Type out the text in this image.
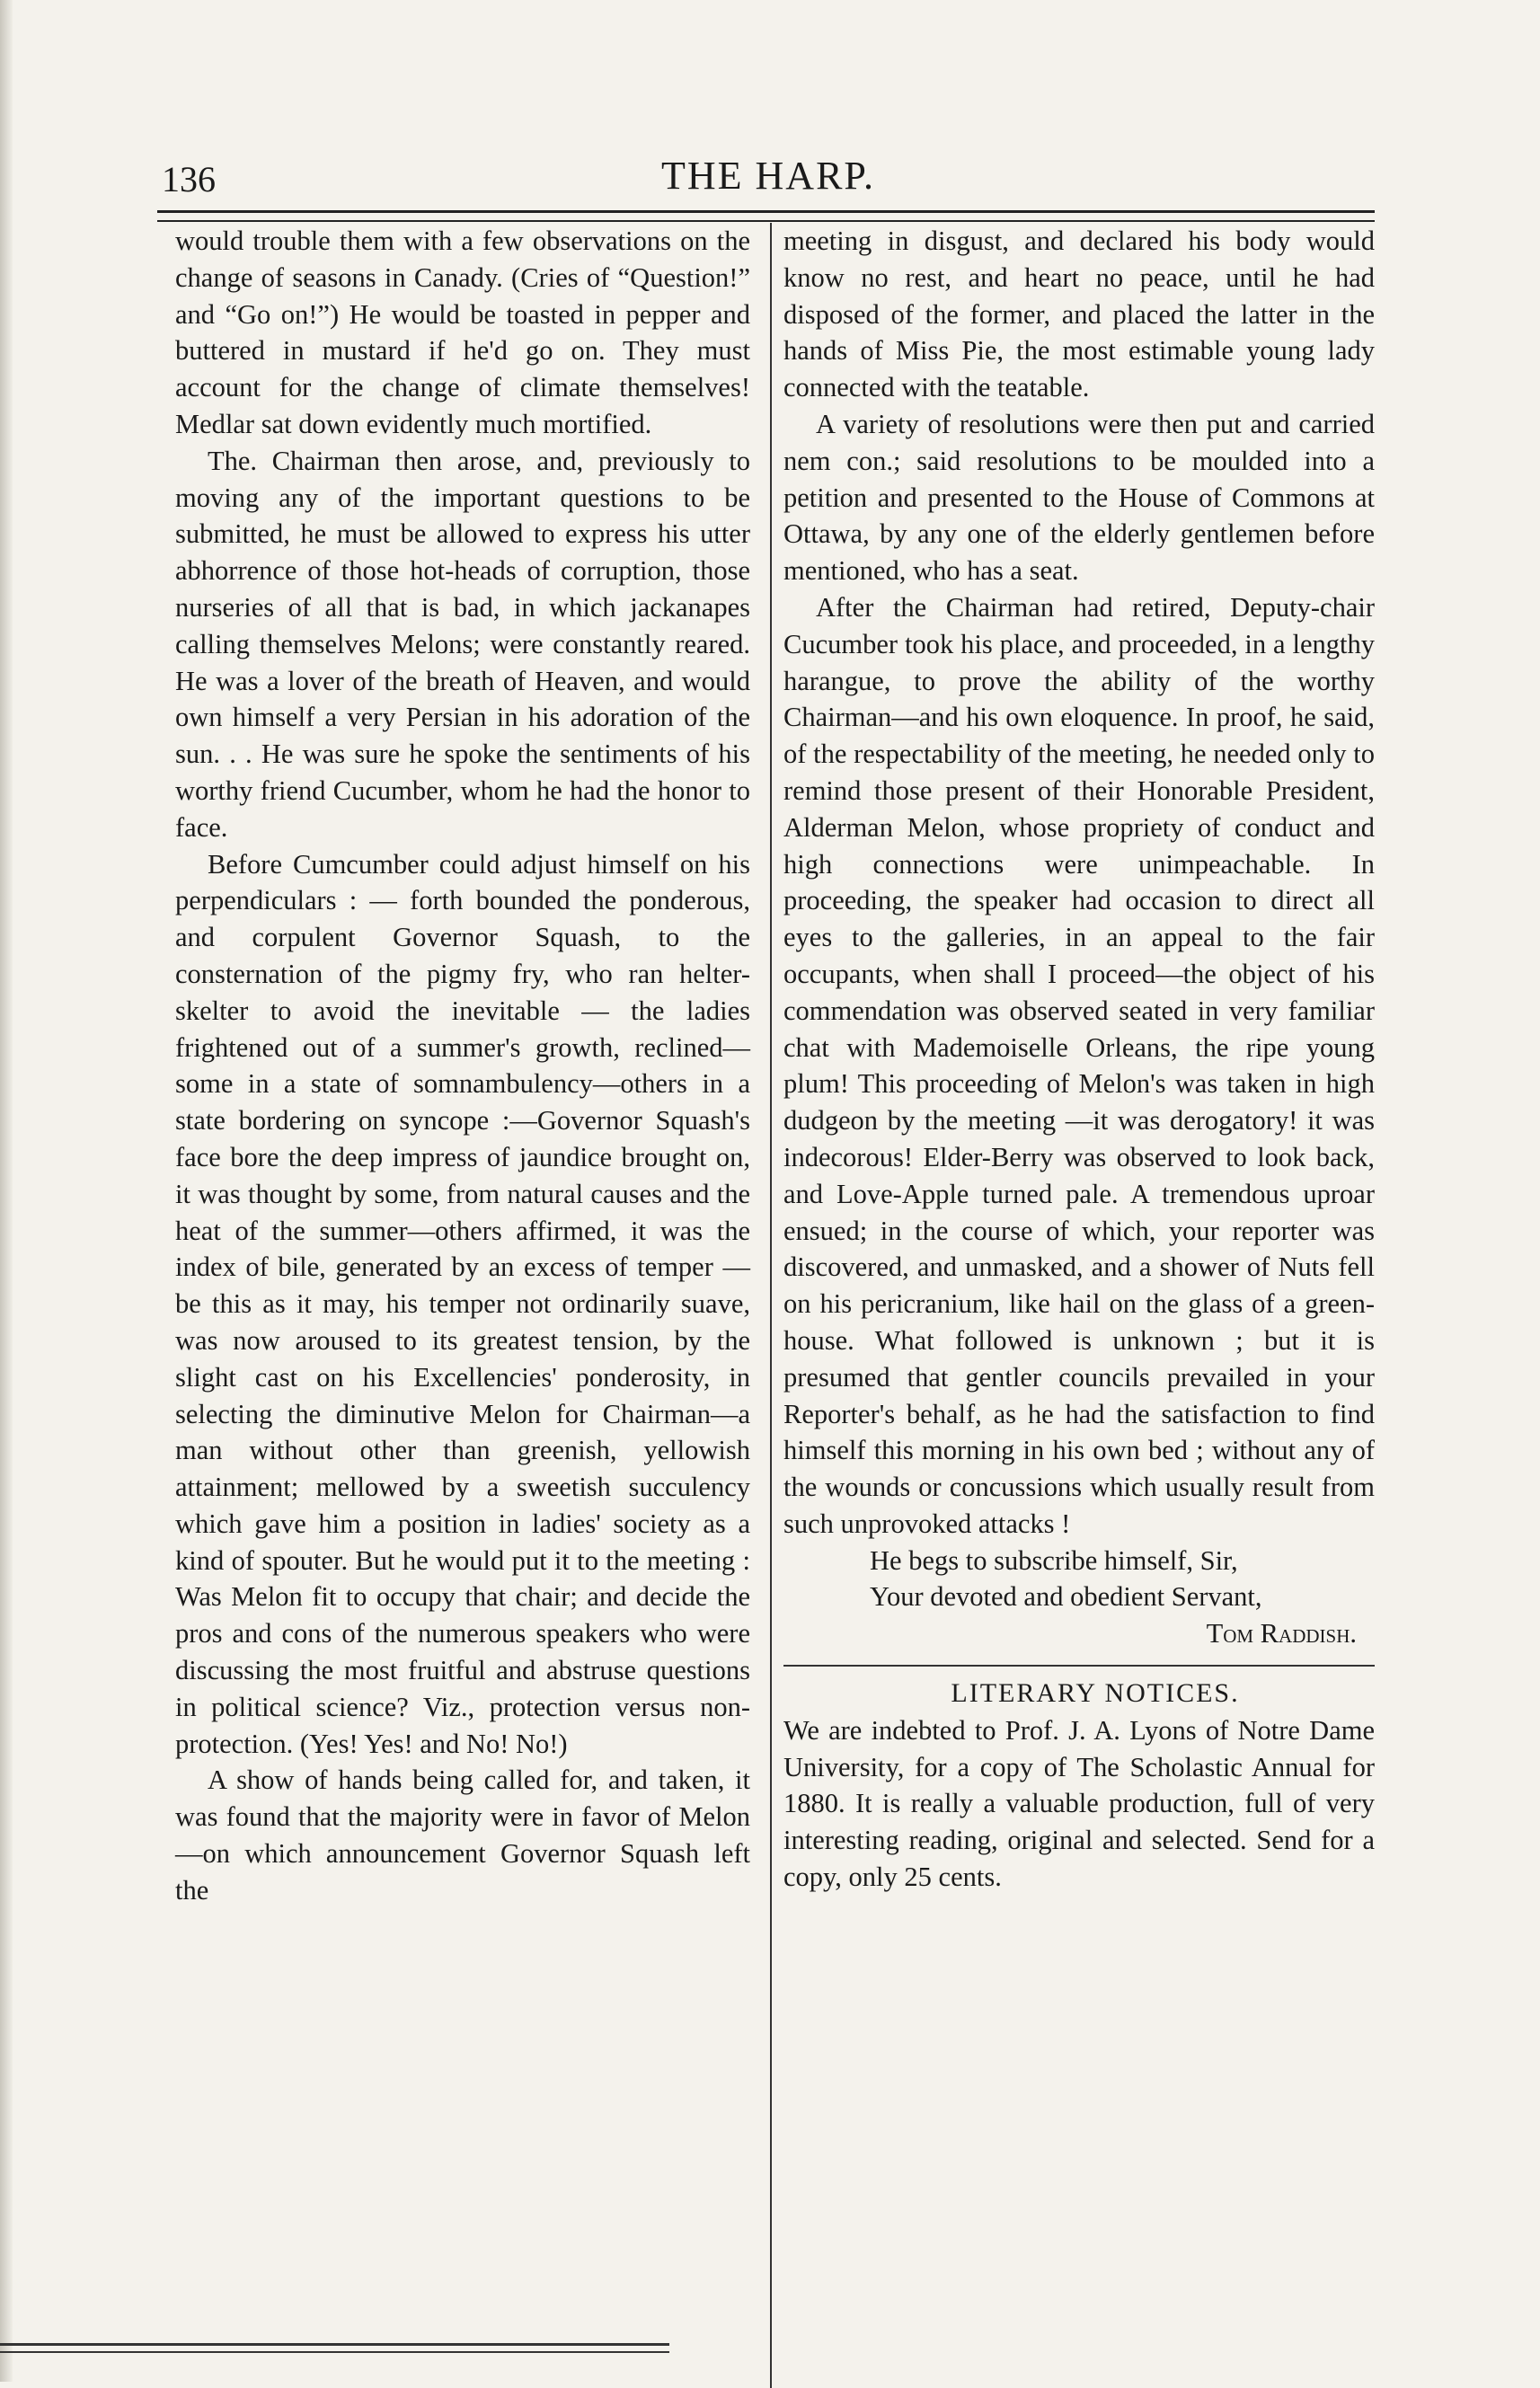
136	THE HARP.

would trouble them with a few observations on the change of seasons in Canady. (Cries of “Question!” and “Go on!”) He would be toasted in pepper and buttered in mustard if he'd go on. They must account for the change of climate themselves! Medlar sat down evidently much mortified.

The. Chairman then arose, and, previously to moving any of the important questions to be submitted, he must be allowed to express his utter abhorrence of those hot-heads of corruption, those nurseries of all that is bad, in which jackanapes calling themselves Melons; were constantly reared. He was a lover of the breath of Heaven, and would own himself a very Persian in his adoration of the sun. . . He was sure he spoke the sentiments of his worthy friend Cucumber, whom he had the honor to face.

Before Cumcumber could adjust himself on his perpendiculars : — forth bounded the ponderous, and corpulent Governor Squash, to the consternation of the pigmy fry, who ran helter-skelter to avoid the inevitable — the ladies frightened out of a summer's growth, reclined—some in a state of somnambulency—others in a state bordering on syncope :—Governor Squash's face bore the deep impress of jaundice brought on, it was thought by some, from natural causes and the heat of the summer—others affirmed, it was the index of bile, generated by an excess of temper —be this as it may, his temper not ordinarily suave, was now aroused to its greatest tension, by the slight cast on his Excellencies' ponderosity, in selecting the diminutive Melon for Chairman—a man without other than greenish, yellowish attainment; mellowed by a sweetish succulency which gave him a position in ladies' society as a kind of spouter. But he would put it to the meeting : Was Melon fit to occupy that chair; and decide the pros and cons of the numerous speakers who were discussing the most fruitful and abstruse questions in political science? Viz., protection versus non-protection. (Yes! Yes! and No! No!)

A show of hands being called for, and taken, it was found that the majority were in favor of Melon—on which announcement Governor Squash left the

meeting in disgust, and declared his body would know no rest, and heart no peace, until he had disposed of the former, and placed the latter in the hands of Miss Pie, the most estimable young lady connected with the teatable.

A variety of resolutions were then put and carried nem con.; said resolutions to be moulded into a petition and presented to the House of Commons at Ottawa, by any one of the elderly gentlemen before mentioned, who has a seat.

After the Chairman had retired, Deputy-chair Cucumber took his place, and proceeded, in a lengthy harangue, to prove the ability of the worthy Chairman—and his own eloquence. In proof, he said, of the respectability of the meeting, he needed only to remind those present of their Honorable President, Alderman Melon, whose propriety of conduct and high connections were unimpeachable. In proceeding, the speaker had occasion to direct all eyes to the galleries, in an appeal to the fair occupants, when shall I proceed—the object of his commendation was observed seated in very familiar chat with Mademoiselle Orleans, the ripe young plum! This proceeding of Melon's was taken in high dudgeon by the meeting —it was derogatory! it was indecorous! Elder-Berry was observed to look back, and Love-Apple turned pale. A tremendous uproar ensued; in the course of which, your reporter was discovered, and unmasked, and a shower of Nuts fell on his pericranium, like hail on the glass of a green-house. What followed is unknown ; but it is presumed that gentler councils prevailed in your Reporter's behalf, as he had the satisfaction to find himself this morning in his own bed ; without any of the wounds or concussions which usually result from such unprovoked attacks !

He begs to subscribe himself, Sir,
Your devoted and obedient Servant,
Tom Raddish.

LITERARY NOTICES.

We are indebted to Prof. J. A. Lyons of Notre Dame University, for a copy of The Scholastic Annual for 1880. It is really a valuable production, full of very interesting reading, original and selected. Send for a copy, only 25 cents.
